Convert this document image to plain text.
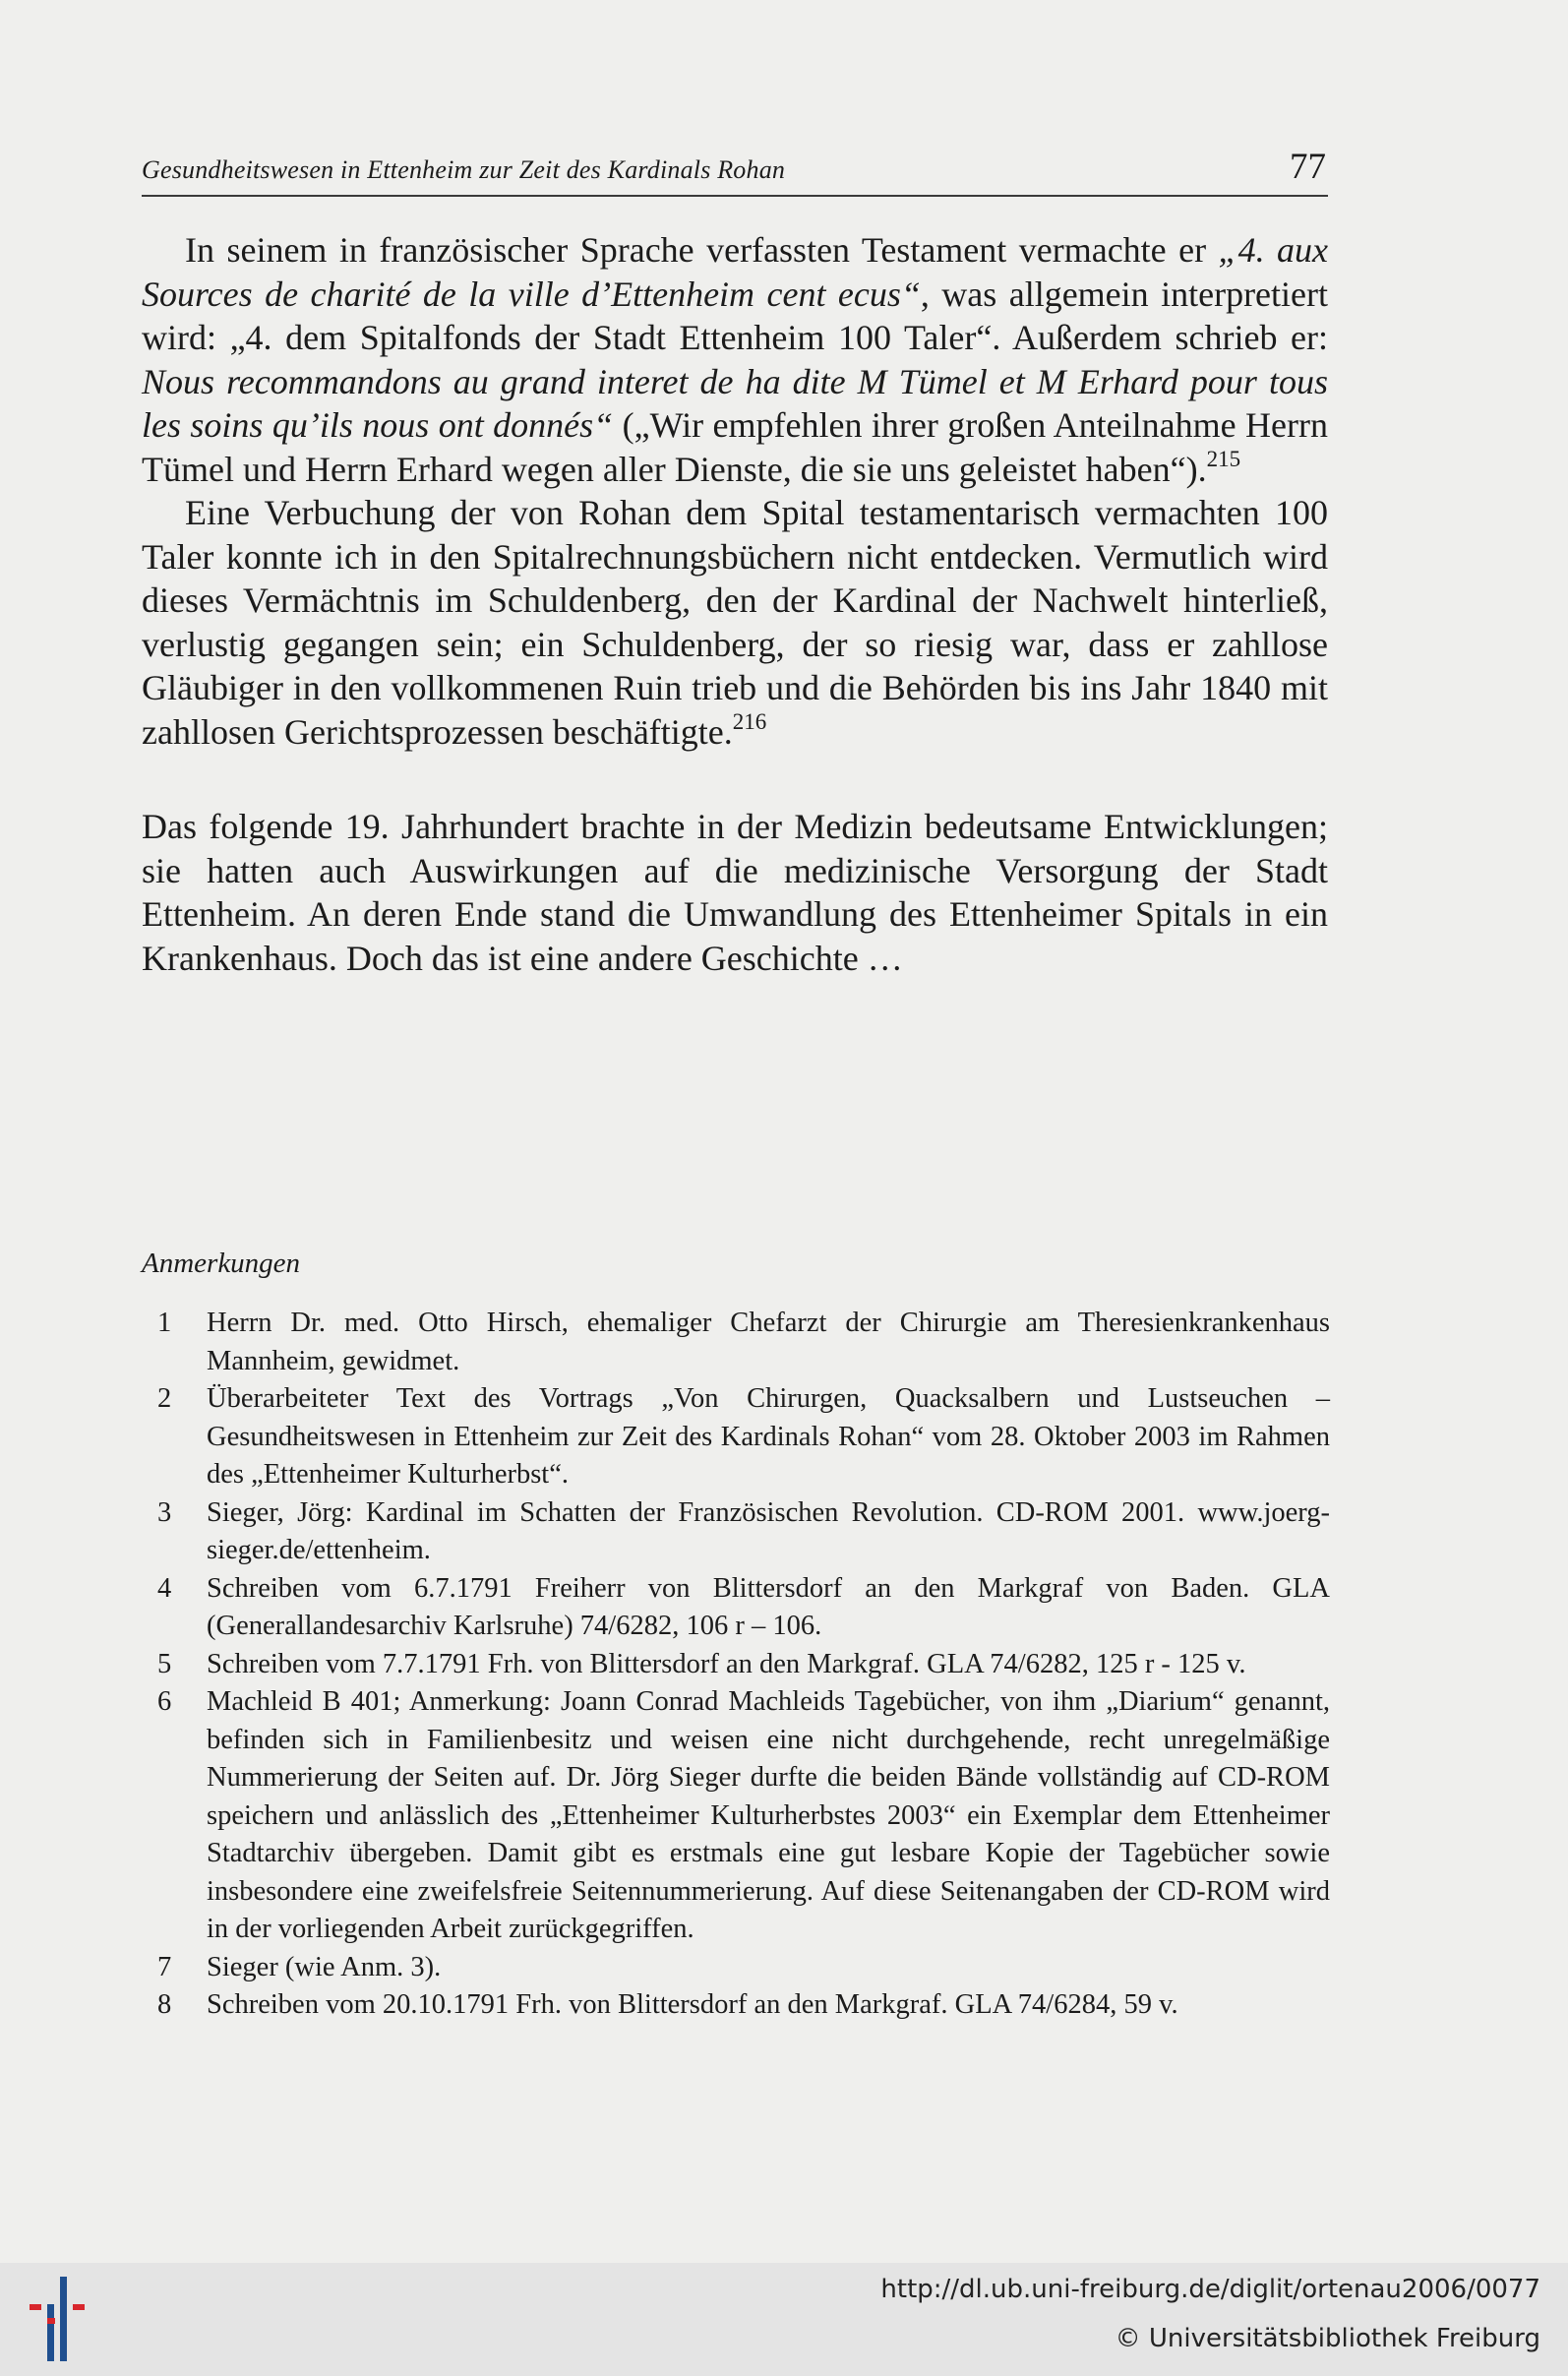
Gesundheitswesen in Ettenheim zur Zeit des Kardinals Rohan	77

In seinem in französischer Sprache verfassten Testament vermachte er „4. aux Sources de charité de la ville d’Ettenheim cent ecus“, was allgemein interpretiert wird: „4. dem Spitalfonds der Stadt Ettenheim 100 Taler“. Außerdem schrieb er: Nous recommandons au grand interet de ha dite M Tümel et M Erhard pour tous les soins qu’ils nous ont donnés“ („Wir empfehlen ihrer großen Anteilnahme Herrn Tümel und Herrn Erhard wegen aller Dienste, die sie uns geleistet haben“).$^{215}$

Eine Verbuchung der von Rohan dem Spital testamentarisch vermachten 100 Taler konnte ich in den Spitalrechnungsbüchern nicht entdecken. Vermutlich wird dieses Vermächtnis im Schuldenberg, den der Kardinal der Nachwelt hinterließ, verlustig gegangen sein; ein Schuldenberg, der so riesig war, dass er zahllose Gläubiger in den vollkommenen Ruin trieb und die Behörden bis ins Jahr 1840 mit zahllosen Gerichtsprozessen beschäftigte.$^{216}$

Das folgende 19. Jahrhundert brachte in der Medizin bedeutsame Entwicklungen; sie hatten auch Auswirkungen auf die medizinische Versorgung der Stadt Ettenheim. An deren Ende stand die Umwandlung des Ettenheimer Spitals in ein Krankenhaus. Doch das ist eine andere Geschichte …

Anmerkungen
1 Herrn Dr. med. Otto Hirsch, ehemaliger Chefarzt der Chirurgie am Theresienkrankenhaus Mannheim, gewidmet.
2 Überarbeiteter Text des Vortrags „Von Chirurgen, Quacksalbern und Lustseuchen – Gesundheitswesen in Ettenheim zur Zeit des Kardinals Rohan“ vom 28. Oktober 2003 im Rahmen des „Ettenheimer Kulturherbst“.
3 Sieger, Jörg: Kardinal im Schatten der Französischen Revolution. CD-ROM 2001. www.joerg-sieger.de/ettenheim.
4 Schreiben vom 6.7.1791 Freiherr von Blittersdorf an den Markgraf von Baden. GLA (Generallandesarchiv Karlsruhe) 74/6282, 106 r – 106.
5 Schreiben vom 7.7.1791 Frh. von Blittersdorf an den Markgraf. GLA 74/6282, 125 r - 125 v.
6 Machleid B 401; Anmerkung: Joann Conrad Machleids Tagebücher, von ihm „Diarium“ genannt, befinden sich in Familienbesitz und weisen eine nicht durchgehende, recht unregelmäßige Nummerierung der Seiten auf. Dr. Jörg Sieger durfte die beiden Bände vollständig auf CD-ROM speichern und anlässlich des „Ettenheimer Kulturherbstes 2003“ ein Exemplar dem Ettenheimer Stadtarchiv übergeben. Damit gibt es erstmals eine gut lesbare Kopie der Tagebücher sowie insbesondere eine zweifelsfreie Seitennummerierung. Auf diese Seitenangaben der CD-ROM wird in der vorliegenden Arbeit zurückgegriffen.
7 Sieger (wie Anm. 3).
8 Schreiben vom 20.10.1791 Frh. von Blittersdorf an den Markgraf. GLA 74/6284, 59 v.
http://dl.ub.uni-freiburg.de/diglit/ortenau2006/0077
© Universitätsbibliothek Freiburg
